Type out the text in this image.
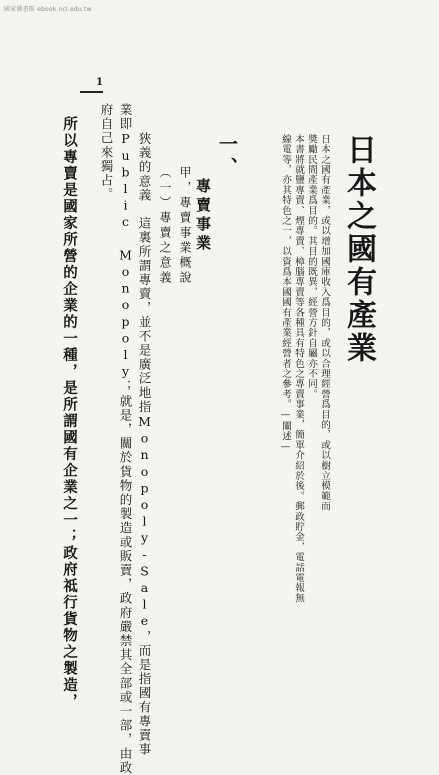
國家圖書館 ebook.ncl.edu.tw
日本之國有產業
日本之國有產業，或以增加國庫收入爲目的，或以合理經營爲目的，或以樹立模範而
獎勵民間產業爲目的。其目的既異，經營方針自屬亦不同。
本書將就鹽專賣、煙專賣、樟腦專賣等各種具有特色之專賣事業，簡單介紹於後。郵政貯金，電話電報無
線電等，亦其特色之一，以資爲本國國有產業經營者之參考。—闡述—
一、
專賣事業
甲，專賣事業概說
（一）專賣之意義
狹義的意義　這裏所謂專賣，並不是廣泛地指Monopoly-Sale，而是指國有專賣事
業即Public Monopoly；就是，關於貨物的製造或販賣，政府嚴禁其全部或一部，由政
府自己來獨占。
所以專賣是國家所營的企業的一種，是所謂國有企業之一；政府祗行貨物之製造，
1
